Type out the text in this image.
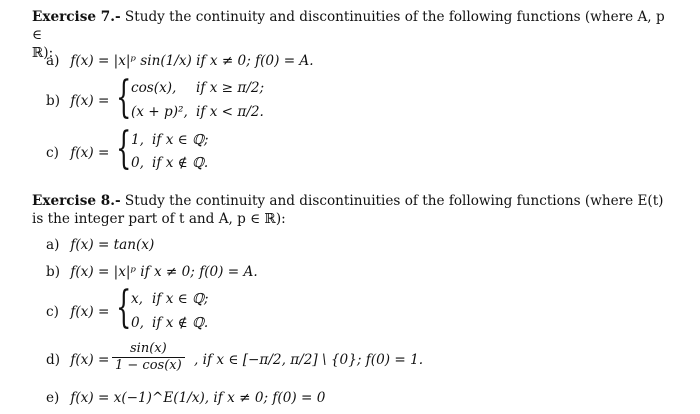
Exercise 7.- Study the continuity and discontinuities of the following functions (where A, p ∈
ℝ):
a) f(x) = |x|ᵖ sin(1/x) if x ≠ 0; f(0) = A.
b) f(x) = { cos(x), if x ≥ π/2;
(x + p)², if x < π/2.
c) f(x) = { 1, if x ∈ ℚ;
0, if x ∉ ℚ.
Exercise 8.- Study the continuity and discontinuities of the following functions (where E(t)
is the integer part of t and A, p ∈ ℝ):
a) f(x) = tan(x)
b) f(x) = |x|ᵖ if x ≠ 0; f(0) = A.
c) f(x) = { x, if x ∈ ℚ;
0, if x ∉ ℚ.
d) $f(x) = \frac{\sin(x)}{1 - \cos(x)}$ , if x ∈ [−π/2, π/2] \ {0}; f(0) = 1.
e) f(x) = x(−1)^E(1/x), if x ≠ 0; f(0) = 0
